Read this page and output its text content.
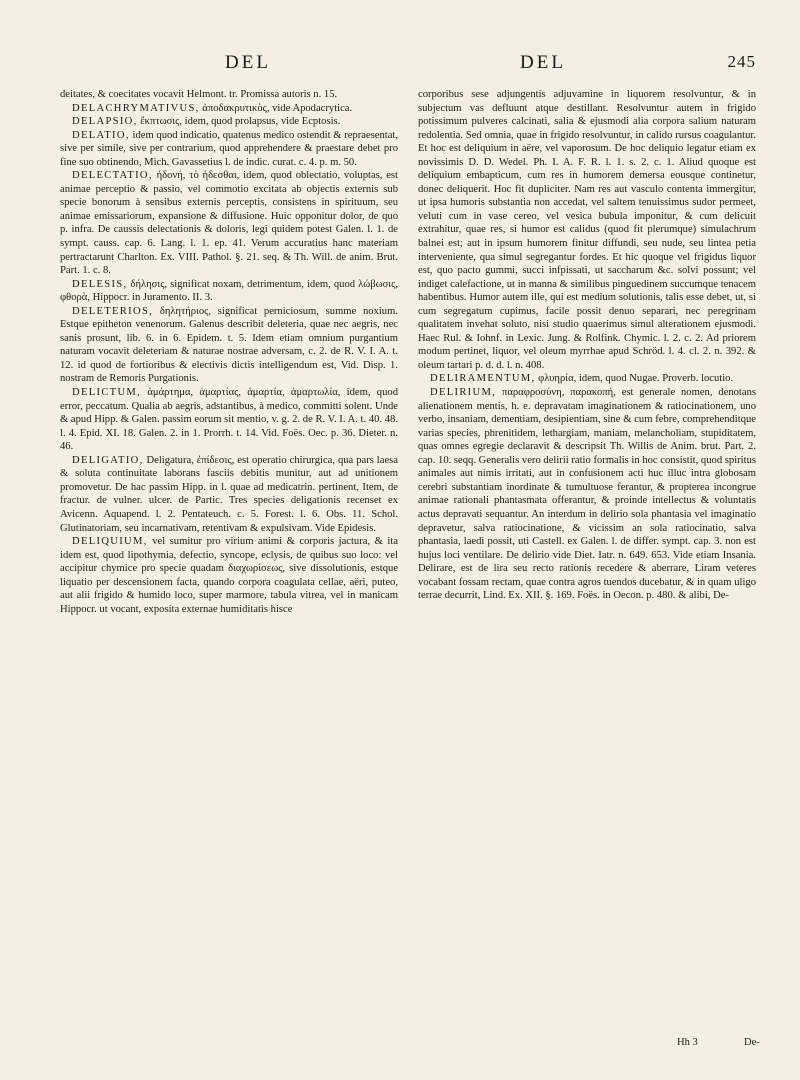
DEL	DEL	245

deitates, & coecitates vocavit Helmont. tr. Promissa autoris n. 15.

DELACHRYMATIVUS, ἀποδακρυτικὸς, vide Apodacrytica.

DELAPSIO, ἔκπτωσις, idem, quod prolapsus, vide Ecptosis.

DELATIO, idem quod indicatio, quatenus medico ostendit & repraesentat, sive per simile, sive per contrarium, quod apprehendere & praestare debet pro fine suo obtinendo, Mich. Gavassetius l. de indic. curat. c. 4. p. m. 50.

DELECTATIO, ἡδονή, τὸ ἡδεσθαι, idem, quod oblectatio, voluptas, est animae perceptio & passio, vel commotio excitata ab objectis externis sub specie bonorum à sensibus externis perceptis, consistens in spirituum, seu animae emissariorum, expansione & diffusione. Huic opponitur dolor, de quo p. infra. De caussis delectationis & doloris, legi quidem potest Galen. l. 1. de sympt. causs. cap. 6. Lang. l. 1. ep. 41. Verum accuratius hanc materiam pertractarunt Charlton. Ex. VIII. Pathol. §. 21. seq. & Th. Will. de anim. Brut. Part. 1. c. 8.

DELESIS, δήλησις, significat noxam, detrimentum, idem, quod λώβωσις, φθορὰ, Hippocr. in Juramento. II. 3.

DELETERIOS, δηλητήριος, significat perniciosum, summe noxium. Estque epitheton venenorum. Galenus describit deleteria, quae nec aegris, nec sanis prosunt, lib. 6. in 6. Epidem. t. 5. Idem etiam omnium purgantium naturam vocavit deleteriam & naturae nostrae adversam, c. 2. de R. V. I. A. t. 12. id quod de fortioribus & electivis dictis intelligendum est, Vid. Disp. 1. nostram de Remoris Purgationis.

DELICTUM, ἁμάρτημα, ἁμαρτίας, ἁμαρτία, ἁμαρτωλία, idem, quod error, peccatum. Qualia ab aegris, adstantibus, à medico, committi solent. Unde & apud Hipp. & Galen. passim eorum sit mentio, v. g. 2. de R. V. I. A. t. 40. 48. l. 4. Epid. XI. 18. Galen. 2. in 1. Prorrh. t. 14. Vid. Foës. Oec. p. 36. Dieter. n. 46.

DELIGATIO, Deligatura, ἐπίδεσις, est operatio chirurgica, qua pars laesa & soluta continuitate laborans fasciis debitis munitur, aut ad unitionem promovetur. De hac passim Hipp. in l. quae ad medicatrin. pertinent, Item, de fractur. de vulner. ulcer. de Partic. Tres species deligationis recenset ex Avicenn. Aquapend. l. 2. Pentateuch. c. 5. Forest. l. 6. Obs. 11. Schol. Glutinatoriam, seu incarnativam, retentivam & expulsivam. Vide Epidesis.

DELIQUIUM, vel sumitur pro virium animi & corporis jactura, & ita idem est, quod lipothymia, defectio, syncope, eclysis, de quibus suo loco: vel accipitur chymice pro specie quadam διαχωρίσεως, sive dissolutionis, estque liquatio per descensionem facta, quando corpora coagulata cellae, aëri, puteo, aut alii frigido & humido loco, super marmore, tabula vitrea, vel in manicam Hippocr. ut vocant, exposita externae humiditatis hisce

corporibus sese adjungentis adjuvamine in liquorem resolvuntur, & in subjectum vas defluunt atque destillant. Resolvuntur autem in frigido potissimum pulveres calcinati, salia & ejusmodi alia corpora salium naturam redolentia. Sed omnia, quae in frigido resolvuntur, in calido rursus coagulantur. Et hoc est deliquium in aëre, vel vaporosum. De hoc deliquio legatur etiam ex novissimis D. D. Wedel. Ph. I. A. F. R. l. 1. s. 2. c. 1. Aliud quoque est deliquium embapticum, cum res in humorem demersa eousque continetur, donec deliquerit. Hoc fit dupliciter. Nam res aut vasculo contenta immergitur, ut ipsa humoris substantia non accedat, vel saltem tenuissimus sudor permeet, veluti cum in vase cereo, vel vesica bubula imponitur, & cum delicuit extrahitur, quae res, si humor est calidus (quod fit plerumque) simulachrum balnei est; aut in ipsum humorem finitur diffundi, seu nude, seu lintea petia interveniente, qua simul segregantur fordes. Et hic quoque vel frigidus liquor est, quo pacto gummi, succi infpissati, ut saccharum &c. solvi possunt; vel indiget calefactione, ut in manna & similibus pinguedinem succumque tenacem habentibus. Humor autem ille, qui est medium solutionis, talis esse debet, ut, si cum segregatum cupimus, facile possit denuo separari, nec peregrinam qualitatem invehat soluto, nisi studio quaerimus simul alterationem ejusmodi. Haec Rul. & Iohnf. in Lexic. Jung. & Rolfink. Chymic. l. 2. c. 2. Ad priorem modum pertinet, liquor, vel oleum myrrhae apud Schröd. l. 4. cl. 2. n. 392. & oleum tartari p. d. d. l. n. 408.

DELIRAMENTUM, φλυηρία, idem, quod Nugae. Proverb. locutio.

DELIRIUM, παραφροσύνη, παρακοπή, est generale nomen, denotans alienationem mentis, h. e. depravatam imaginationem & ratiocinationem, uno verbo, insaniam, dementiam, desipientiam, sine & cum febre, comprehenditque varias species, phrenitidem, lethargiam, maniam, melancholiam, stupiditatem, quas omnes egregie declaravit & descripsit Th. Willis de Anim. brut. Part. 2. cap. 10. seqq. Generalis vero delirii ratio formalis in hoc consistit, quod spiritus animales aut nimis irritati, aut in confusionem acti huc illuc intra globosam cerebri substantiam inordinate & tumultuose ferantur, & propterea incongrue animae rationali phantasmata offerantur, & proinde intellectus & voluntatis actus depravati sequantur. An interdum in delirio sola phantasia vel imaginatio depravetur, salva ratiocinatione, & vicissim an sola ratiocinatio, salva phantasia, laedi possit, uti Castell. ex Galen. l. de differ. sympt. cap. 3. non est hujus loci ventilare. De delirio vide Diet. Iatr. n. 649. 653. Vide etiam Insania. Delirare, est de lira seu recto rationis recedere & aberrare, Liram veteres vocabant fossam rectam, quae contra agros tuendos ducebatur, & in quam uligo terrae decurrit, Lind. Ex. XII. §. 169. Foës. in Oecon. p. 480. & alibi, De-

Hh 3	De-
